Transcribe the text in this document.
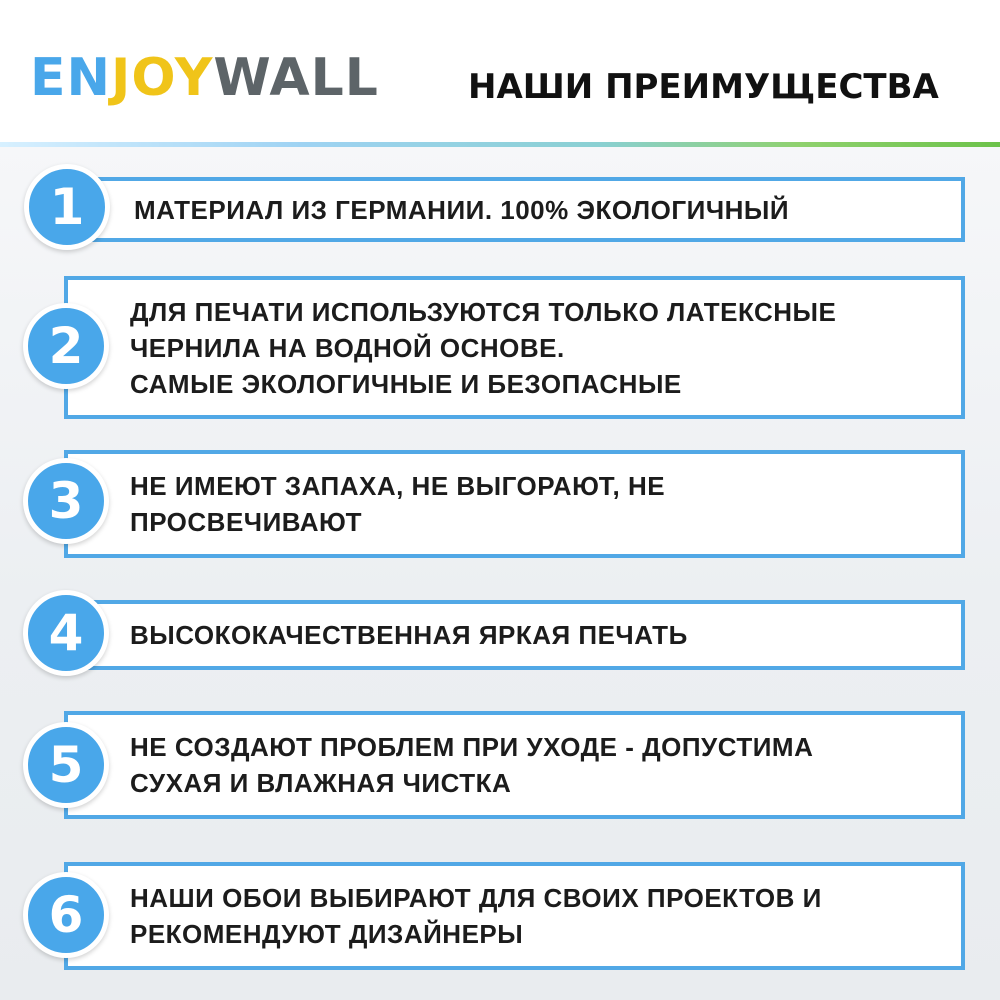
ENJOYWALL	НАШИ ПРЕИМУЩЕСТВА
МАТЕРИАЛ ИЗ ГЕРМАНИИ. 100% ЭКОЛОГИЧНЫЙ
1
ДЛЯ ПЕЧАТИ ИСПОЛЬЗУЮТСЯ ТОЛЬКО ЛАТЕКСНЫЕ
ЧЕРНИЛА НА ВОДНОЙ ОСНОВЕ.
САМЫЕ ЭКОЛОГИЧНЫЕ И БЕЗОПАСНЫЕ
2
НЕ ИМЕЮТ ЗАПАХА, НЕ ВЫГОРАЮТ, НЕ
ПРОСВЕЧИВАЮТ
3
ВЫСОКОКАЧЕСТВЕННАЯ ЯРКАЯ ПЕЧАТЬ
4
НЕ СОЗДАЮТ ПРОБЛЕМ ПРИ УХОДЕ - ДОПУСТИМА
СУХАЯ И ВЛАЖНАЯ ЧИСТКА
5
НАШИ ОБОИ ВЫБИРАЮТ ДЛЯ СВОИХ ПРОЕКТОВ И
РЕКОМЕНДУЮТ ДИЗАЙНЕРЫ
6
